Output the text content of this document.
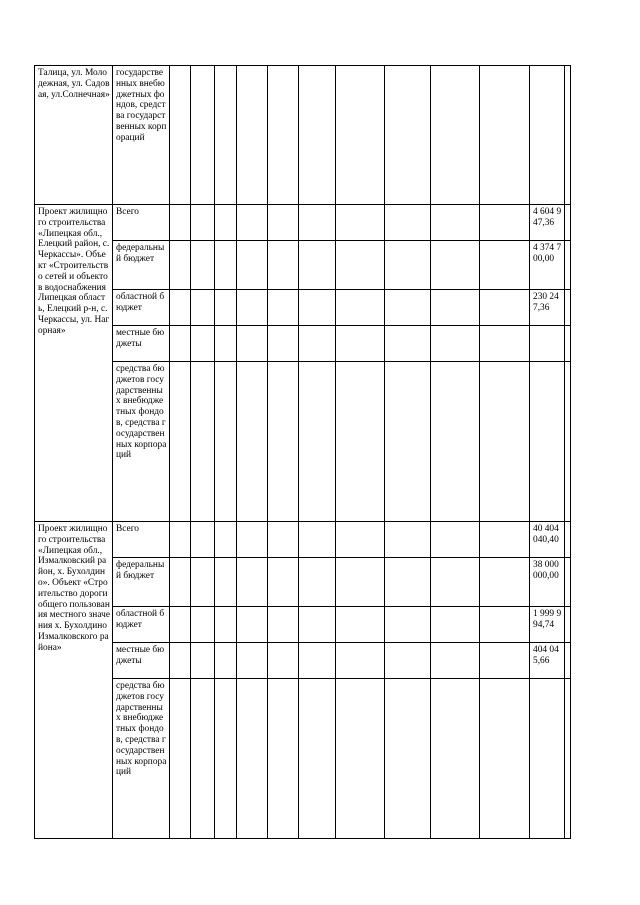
Талица, ул. Молодежная, ул. Садовая, ул.Солнечная»	государственных внебюджетных фондов, средства государственных корпораций												
Проект жилищного строительства «Липецкая обл., Елецкий район, с. Черкассы». Объект «Строительство сетей и объектов водоснабжения Липецкая область, Елецкий р-н, с. Черкассы, ул. Нагорная»	Всего											4 604 947,36	
	федеральный бюджет											4 374 700,00	
	областной бюджет											230 247,36	
	местные бюджеты												
	средства бюджетов государственных внебюджетных фондов, средства государственных корпораций												
Проект жилищного строительства «Липецкая обл., Измалковский район, х. Бухолдино». Объект «Строительство дороги общего пользования местного значения х. Бухолдино Измалковского района»	Всего											40 404 040,40	
	федеральный бюджет											38 000 000,00	
	областной бюджет											1 999 994,74	
	местные бюджеты											404 045,66	
	средства бюджетов государственных внебюджетных фондов, средства государственных корпораций												
